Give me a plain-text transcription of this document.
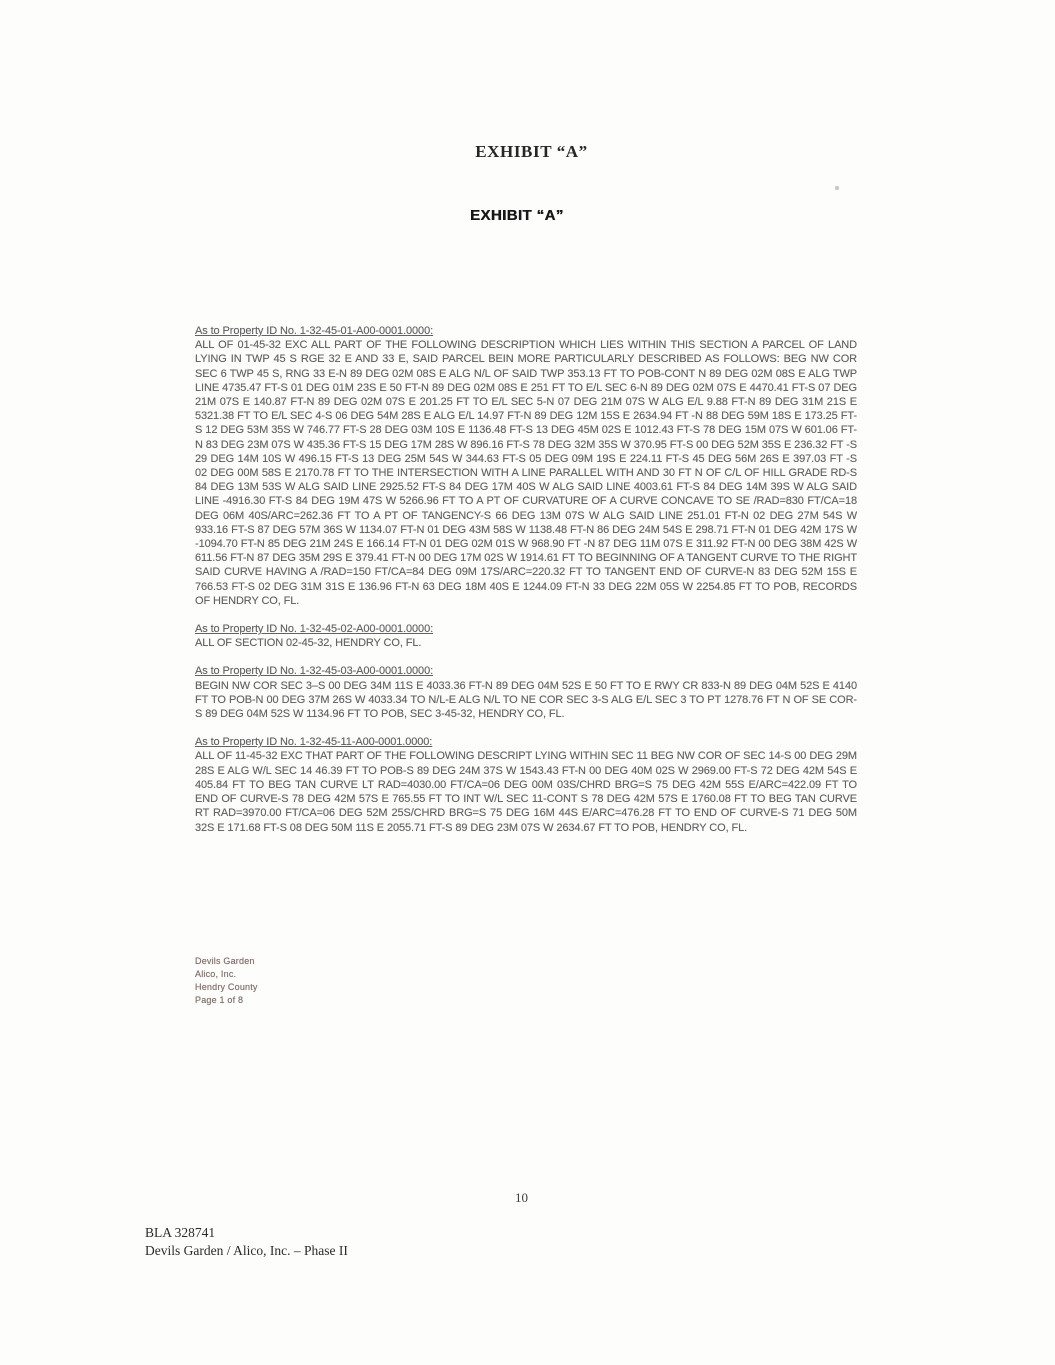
EXHIBIT “A”
EXHIBIT “A”
As to Property ID No. 1-32-45-01-A00-0001.0000:

ALL OF 01-45-32 EXC ALL PART OF THE FOLLOWING DESCRIPTION WHICH LIES WITHIN THIS SECTION A PARCEL OF LAND LYING IN TWP 45 S RGE 32 E AND 33 E, SAID PARCEL BEIN MORE PARTICULARLY DESCRIBED AS FOLLOWS: BEG NW COR SEC 6 TWP 45 S, RNG 33 E-N 89 DEG 02M 08S E ALG N/L OF SAID TWP 353.13 FT TO POB-CONT N 89 DEG 02M 08S E ALG TWP LINE 4735.47 FT-S 01 DEG 01M 23S E 50 FT-N 89 DEG 02M 08S E 251 FT TO E/L SEC 6-N 89 DEG 02M 07S E 4470.41 FT-S 07 DEG 21M 07S E 140.87 FT-N 89 DEG 02M 07S E 201.25 FT TO E/L SEC 5-N 07 DEG 21M 07S W ALG E/L 9.88 FT-N 89 DEG 31M 21S E 5321.38 FT TO E/L SEC 4-S 06 DEG 54M 28S E ALG E/L 14.97 FT-N 89 DEG 12M 15S E 2634.94 FT -N 88 DEG 59M 18S E 173.25 FT-S 12 DEG 53M 35S W 746.77 FT-S 28 DEG 03M 10S E 1136.48 FT-S 13 DEG 45M 02S E 1012.43 FT-S 78 DEG 15M 07S W 601.06 FT-N 83 DEG 23M 07S W 435.36 FT-S 15 DEG 17M 28S W 896.16 FT-S 78 DEG 32M 35S W 370.95 FT-S 00 DEG 52M 35S E 236.32 FT -S 29 DEG 14M 10S W 496.15 FT-S 13 DEG 25M 54S W 344.63 FT-S 05 DEG 09M 19S E 224.11 FT-S 45 DEG 56M 26S E 397.03 FT -S 02 DEG 00M 58S E 2170.78 FT TO THE INTERSECTION WITH A LINE PARALLEL WITH AND 30 FT N OF C/L OF HILL GRADE RD-S 84 DEG 13M 53S W ALG SAID LINE 2925.52 FT-S 84 DEG 17M 40S W ALG SAID LINE 4003.61 FT-S 84 DEG 14M 39S W ALG SAID LINE -4916.30 FT-S 84 DEG 19M 47S W 5266.96 FT TO A PT OF CURVATURE OF A CURVE CONCAVE TO SE /RAD=830 FT/CA=18 DEG 06M 40S/ARC=262.36 FT TO A PT OF TANGENCY-S 66 DEG 13M 07S W ALG SAID LINE 251.01 FT-N 02 DEG 27M 54S W 933.16 FT-S 87 DEG 57M 36S W 1134.07 FT-N 01 DEG 43M 58S W 1138.48 FT-N 86 DEG 24M 54S E 298.71 FT-N 01 DEG 42M 17S W -1094.70 FT-N 85 DEG 21M 24S E 166.14 FT-N 01 DEG 02M 01S W 968.90 FT -N 87 DEG 11M 07S E 311.92 FT-N 00 DEG 38M 42S W 611.56 FT-N 87 DEG 35M 29S E 379.41 FT-N 00 DEG 17M 02S W 1914.61 FT TO BEGINNING OF A TANGENT CURVE TO THE RIGHT SAID CURVE HAVING A /RAD=150 FT/CA=84 DEG 09M 17S/ARC=220.32 FT TO TANGENT END OF CURVE-N 83 DEG 52M 15S E 766.53 FT-S 02 DEG 31M 31S E 136.96 FT-N 63 DEG 18M 40S E 1244.09 FT-N 33 DEG 22M 05S W 2254.85 FT TO POB, RECORDS OF HENDRY CO, FL.

As to Property ID No. 1-32-45-02-A00-0001.0000:

ALL OF SECTION 02-45-32, HENDRY CO, FL.

As to Property ID No. 1-32-45-03-A00-0001.0000:

BEGIN NW COR SEC 3–S 00 DEG 34M 11S E 4033.36 FT-N 89 DEG 04M 52S E 50 FT TO E RWY CR 833-N 89 DEG 04M 52S E 4140 FT TO POB-N 00 DEG 37M 26S W 4033.34 TO N/L-E ALG N/L TO NE COR SEC 3-S ALG E/L SEC 3 TO PT 1278.76 FT N OF SE COR-S 89 DEG 04M 52S W 1134.96 FT TO POB, SEC 3-45-32, HENDRY CO, FL.

As to Property ID No. 1-32-45-11-A00-0001.0000:

ALL OF 11-45-32 EXC THAT PART OF THE FOLLOWING DESCRIPT LYING WITHIN SEC 11 BEG NW COR OF SEC 14-S 00 DEG 29M 28S E ALG W/L SEC 14 46.39 FT TO POB-S 89 DEG 24M 37S W 1543.43 FT-N 00 DEG 40M 02S W 2969.00 FT-S 72 DEG 42M 54S E 405.84 FT TO BEG TAN CURVE LT RAD=4030.00 FT/CA=06 DEG 00M 03S/CHRD BRG=S 75 DEG 42M 55S E/ARC=422.09 FT TO END OF CURVE-S 78 DEG 42M 57S E 765.55 FT TO INT W/L SEC 11-CONT S 78 DEG 42M 57S E 1760.08 FT TO BEG TAN CURVE RT RAD=3970.00 FT/CA=06 DEG 52M 25S/CHRD BRG=S 75 DEG 16M 44S E/ARC=476.28 FT TO END OF CURVE-S 71 DEG 50M 32S E 171.68 FT-S 08 DEG 50M 11S E 2055.71 FT-S 89 DEG 23M 07S W 2634.67 FT TO POB, HENDRY CO, FL.

Devils Garden
Alico, Inc.
Hendry County
Page 1 of 8
10
BLA 328741
Devils Garden / Alico, Inc. – Phase II
